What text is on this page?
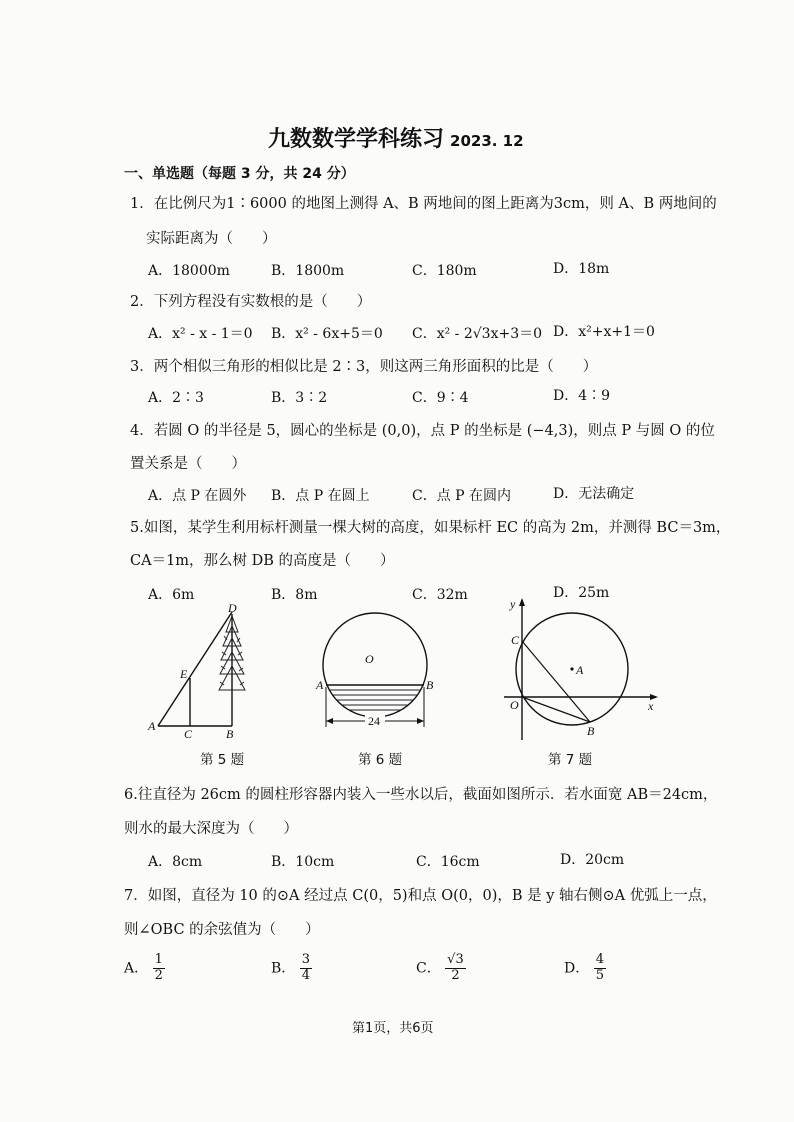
九数数学学科练习 2023. 12
一、单选题（每题 3 分，共 24 分）
1．在比例尺为1∶6000 的地图上测得 A、B 两地间的图上距离为3cm，则 A、B 两地间的
实际距离为（　　）
A．18000m	B．1800m	C．180m	D．18m
2．下列方程没有实数根的是（　　）
A．x² - x - 1＝0 B．x² - 6x+5＝0 C．x² - 2√3x+3＝0 D．x²+x+1＝0
3．两个相似三角形的相似比是 2∶3，则这两三角形面积的比是（　　）
A．2∶3	B．3∶2	C．9∶4	D．4∶9
4．若圆 O 的半径是 5，圆心的坐标是 (0,0)，点 P 的坐标是 (−4,3)，则点 P 与圆 O 的位
置关系是（　　）
A．点 P 在圆外 B．点 P 在圆上	C．点 P 在圆内	D．无法确定
5.如图，某学生利用标杆测量一棵大树的高度，如果标杆 EC 的高为 2m，并测得 BC＝3m，
CA＝1m，那么树 DB 的高度是（　　）
A．6m	B．8m	C．32m	D．25m
D
E
A
C	B
O
A	B
24
y
C
A
O
B
x
第 5 题	第 6 题	第 7 题
6.往直径为 26cm 的圆柱形容器内装入一些水以后，截面如图所示．若水面宽 AB＝24cm，
则水的最大深度为（　　）
A．8cm	B．10cm	C．16cm	D．20cm
7．如图，直径为 10 的⊙A 经过点 C(0，5)和点 O(0，0)，B 是 y 轴右侧⊙A 优弧上一点，
则∠OBC 的余弦值为（　　）
A． $\frac{1}{2}$	B． $\frac{3}{4}$	C． $\frac{√3}{2}$	D． $\frac{4}{5}$
第1页，共6页
